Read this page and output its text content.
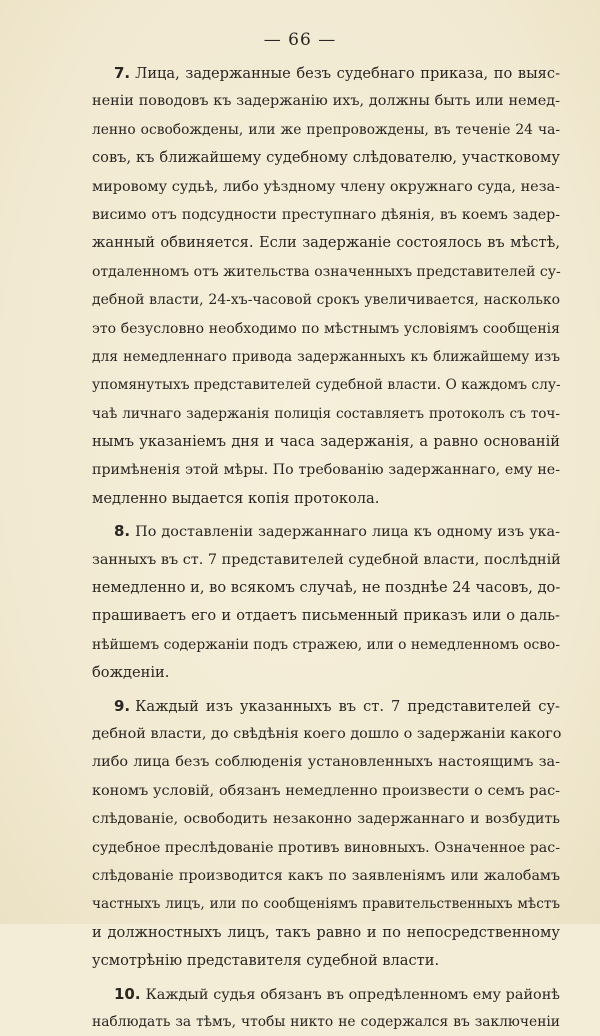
— 66 —
7. Лица, задержанные безъ судебнаго приказа, по выяс-
неніи поводовъ къ задержанію ихъ, должны быть или немед-
ленно освобождены, или же препровождены, въ теченіе 24 ча-
совъ, къ ближайшему судебному слѣдователю, участковому
мировому судьѣ, либо уѣздному члену окружнаго суда, неза-
висимо отъ подсудности преступнаго дѣянія, въ коемъ задер-
жанный обвиняется. Если задержаніе состоялось въ мѣстѣ,
отдаленномъ отъ жительства означенныхъ представителей су-
дебной власти, 24-хъ-часовой срокъ увеличивается, насколько
это безусловно необходимо по мѣстнымъ условіямъ сообщенія
для немедленнаго привода задержанныхъ къ ближайшему изъ
упомянутыхъ представителей судебной власти. О каждомъ слу-
чаѣ личнаго задержанія полиція составляетъ протоколъ съ точ-
нымъ указаніемъ дня и часа задержанія, а равно основаній
примѣненія этой мѣры. По требованію задержаннаго, ему не-
медленно выдается копія протокола.
8. По доставленіи задержаннаго лица къ одному изъ ука-
занныхъ въ ст. 7 представителей судебной власти, послѣдній
немедленно и, во всякомъ случаѣ, не позднѣе 24 часовъ, до-
прашиваетъ его и отдаетъ письменный приказъ или о даль-
нѣйшемъ содержаніи подъ стражею, или о немедленномъ осво-
божденіи.
9. Каждый изъ указанныхъ въ ст. 7 представителей су-
дебной власти, до свѣдѣнія коего дошло о задержаніи какого
либо лица безъ соблюденія установленныхъ настоящимъ за-
кономъ условій, обязанъ немедленно произвести о семъ рас-
слѣдованіе, освободить незаконно задержаннаго и возбудить
судебное преслѣдованіе противъ виновныхъ. Означенное рас-
слѣдованіе производится какъ по заявленіямъ или жалобамъ
частныхъ лицъ, или по сообщеніямъ правительственныхъ мѣстъ
и должностныхъ лицъ, такъ равно и по непосредственному
усмотрѣнію представителя судебной власти.
10. Каждый судья обязанъ въ опредѣленномъ ему районѣ
наблюдать за тѣмъ, чтобы никто не содержался въ заключеніи
